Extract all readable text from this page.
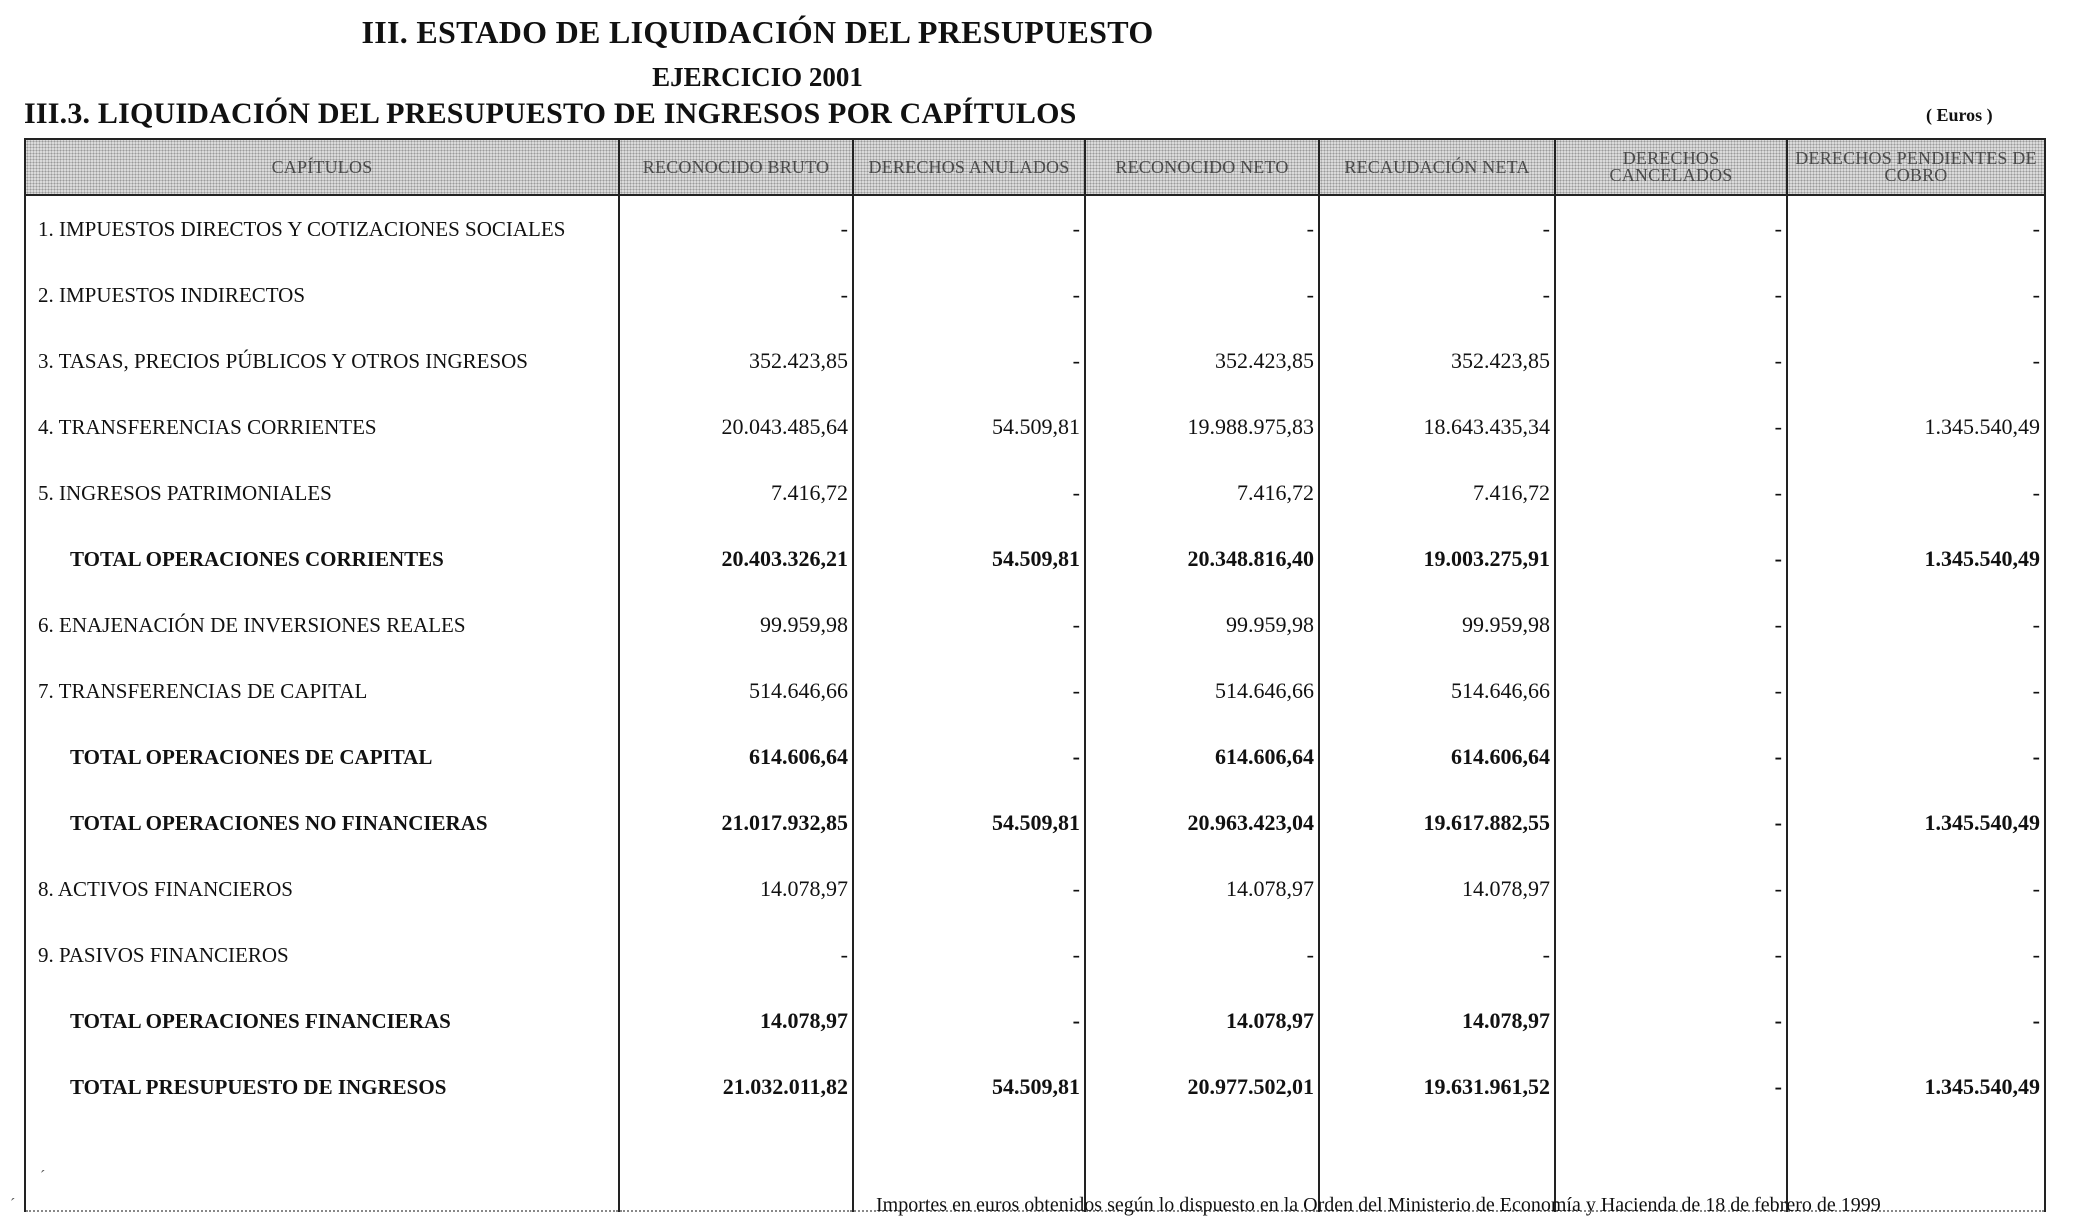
III. ESTADO DE LIQUIDACIÓN DEL PRESUPUESTO
EJERCICIO 2001
III.3. LIQUIDACIÓN DEL PRESUPUESTO DE INGRESOS POR CAPÍTULOS	( Euros )
CAPÍTULOS	RECONOCIDO BRUTO	DERECHOS ANULADOS	RECONOCIDO NETO	RECAUDACIÓN NETA	DERECHOS CANCELADOS	DERECHOS PENDIENTES DE COBRO
1. IMPUESTOS DIRECTOS Y COTIZACIONES SOCIALES	-	-	-	-	-	-
2. IMPUESTOS INDIRECTOS	-	-	-	-	-	-
3. TASAS, PRECIOS PÚBLICOS Y OTROS INGRESOS	352.423,85	-	352.423,85	352.423,85	-	-
4. TRANSFERENCIAS CORRIENTES	20.043.485,64	54.509,81	19.988.975,83	18.643.435,34	-	1.345.540,49
5. INGRESOS PATRIMONIALES	7.416,72	-	7.416,72	7.416,72	-	-
TOTAL OPERACIONES CORRIENTES	20.403.326,21	54.509,81	20.348.816,40	19.003.275,91	-	1.345.540,49
6. ENAJENACIÓN DE INVERSIONES REALES	99.959,98	-	99.959,98	99.959,98	-	-
7. TRANSFERENCIAS DE CAPITAL	514.646,66	-	514.646,66	514.646,66	-	-
TOTAL OPERACIONES DE CAPITAL	614.606,64	-	614.606,64	614.606,64	-	-
TOTAL OPERACIONES NO FINANCIERAS	21.017.932,85	54.509,81	20.963.423,04	19.617.882,55	-	1.345.540,49
8. ACTIVOS FINANCIEROS	14.078,97	-	14.078,97	14.078,97	-	-
9. PASIVOS FINANCIEROS	-	-	-	-	-	-
TOTAL OPERACIONES FINANCIERAS	14.078,97	-	14.078,97	14.078,97	-	-
TOTAL PRESUPUESTO DE INGRESOS	21.032.011,82	54.509,81	20.977.502,01	19.631.961,52	-	1.345.540,49

Importes en euros obtenidos según lo dispuesto en la Orden del Ministerio de Economía y Hacienda de 18 de febrero de 1999

ˊ
ˊ
